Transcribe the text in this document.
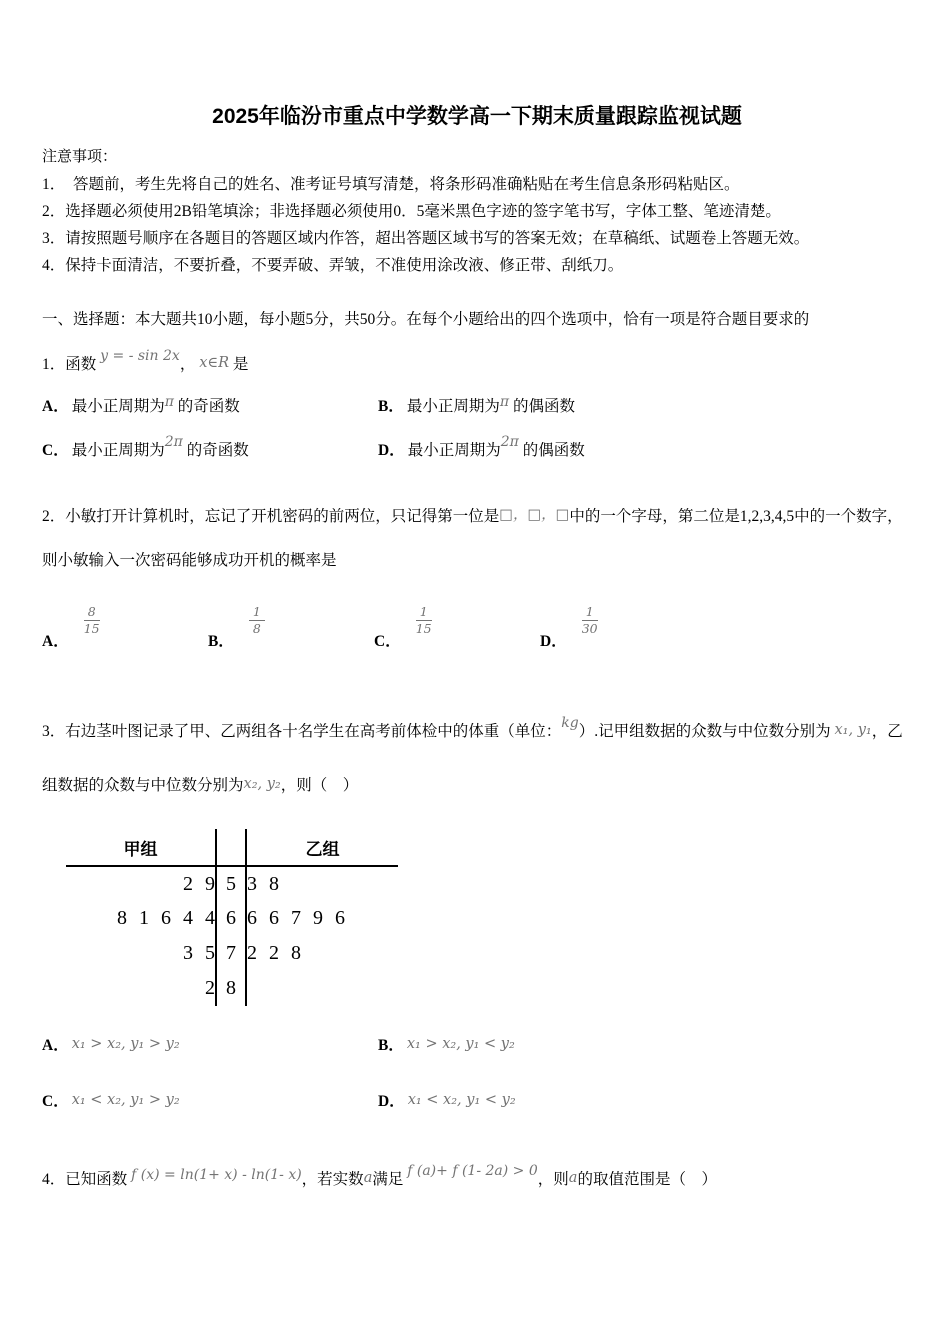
2025年临汾市重点中学数学高一下期末质量跟踪监视试题
注意事项：
1．　答题前，考生先将自己的姓名、准考证号填写清楚，将条形码准确粘贴在考生信息条形码粘贴区。
2．选择题必须使用2B铅笔填涂；非选择题必须使用0．5毫米黑色字迹的签字笔书写，字体工整、笔迹清楚。
3．请按照题号顺序在各题目的答题区域内作答，超出答题区域书写的答案无效；在草稿纸、试题卷上答题无效。
4．保持卡面清洁，不要折叠，不要弄破、弄皱，不准使用涂改液、修正带、刮纸刀。
一、选择题：本大题共10小题，每小题5分，共50分。在每个小题给出的四个选项中，恰有一项是符合题目要求的
1．函数 y = - sin 2x， x∈R 是
A． 最小正周期为π 的奇函数	B． 最小正周期为π 的偶函数
C． 最小正周期为2π 的奇函数	D． 最小正周期为2π 的偶函数
2．小敏打开计算机时，忘记了开机密码的前两位，只记得第一位是□，□，□中的一个字母，第二位是1,2,3,4,5中的一个数字，则小敏输入一次密码能够成功开机的概率是
A．
$\frac{8}{15}$
B．
$\frac{1}{8}$
C．
$\frac{1}{15}$
D．
$\frac{1}{30}$
3．右边茎叶图记录了甲、乙两组各十名学生在高考前体检中的体重（单位：kg）.记甲组数据的众数与中位数分别为 x₁, y₁，乙组数据的众数与中位数分别为x₂, y₂，则（　）
甲组		乙组
2 9	5	3 8
8 1 6 4 4	6	6 6 7 9 6
3 5	7	2 2 8
2	8	
A． x₁ > x₂, y₁ > y₂	B． x₁ > x₂, y₁ < y₂
C． x₁ < x₂, y₁ > y₂	D． x₁ < x₂, y₁ < y₂
4．已知函数 f (x) = ln(1+ x) - ln(1- x)，若实数a满足 f (a)+ f (1- 2a) > 0，则a的取值范围是（　）
